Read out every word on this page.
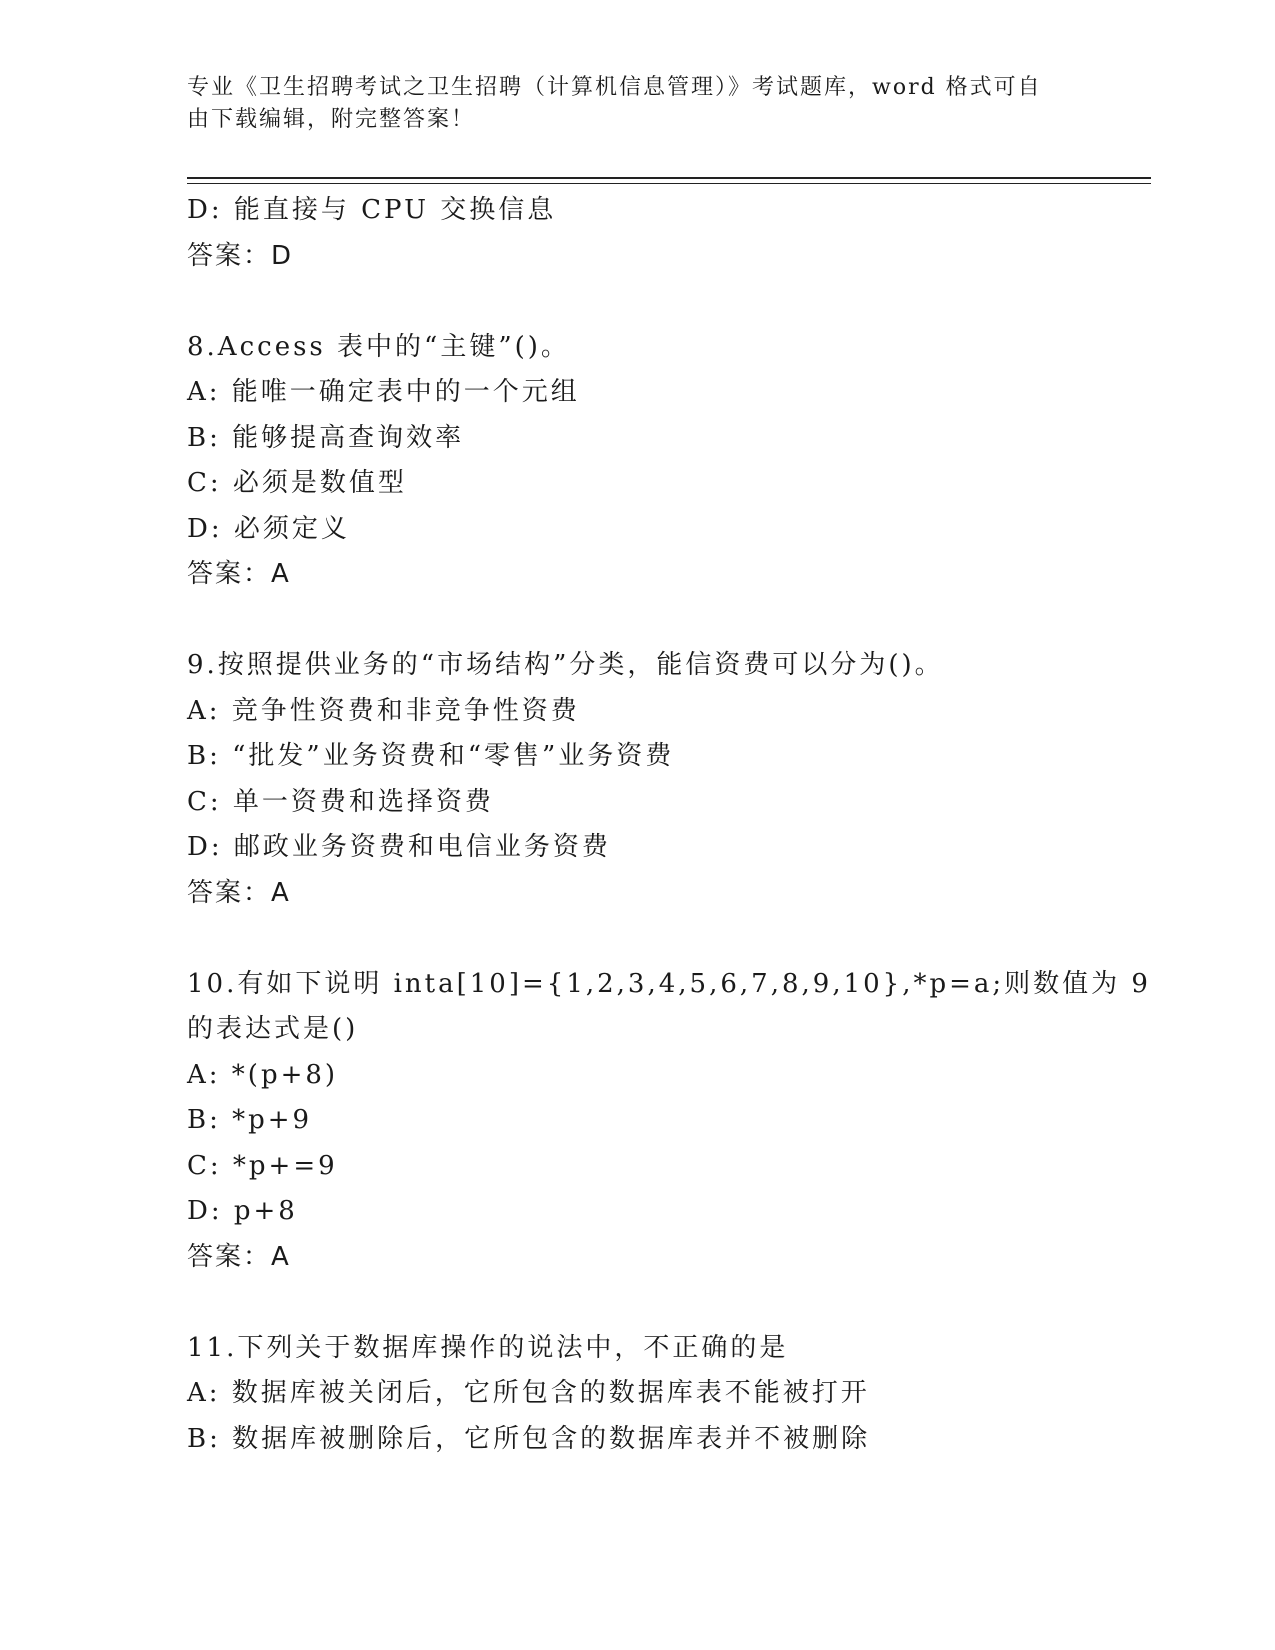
专业《卫生招聘考试之卫生招聘（计算机信息管理）》考试题库，word 格式可自
由下载编辑，附完整答案！
D: 能直接与 CPU 交换信息
答案：D
8.Access 表中的“主键”()。
A: 能唯一确定表中的一个元组
B: 能够提高查询效率
C: 必须是数值型
D: 必须定义
答案：A
9.按照提供业务的“市场结构”分类，能信资费可以分为()。
A: 竞争性资费和非竞争性资费
B: “批发”业务资费和“零售”业务资费
C: 单一资费和选择资费
D: 邮政业务资费和电信业务资费
答案：A
10.有如下说明 inta[10]={1,2,3,4,5,6,7,8,9,10},*p=a;则数值为 9
的表达式是()
A: *(p+8)
B: *p+9
C: *p+=9
D: p+8
答案：A
11.下列关于数据库操作的说法中，不正确的是
A: 数据库被关闭后，它所包含的数据库表不能被打开
B: 数据库被删除后，它所包含的数据库表并不被删除
